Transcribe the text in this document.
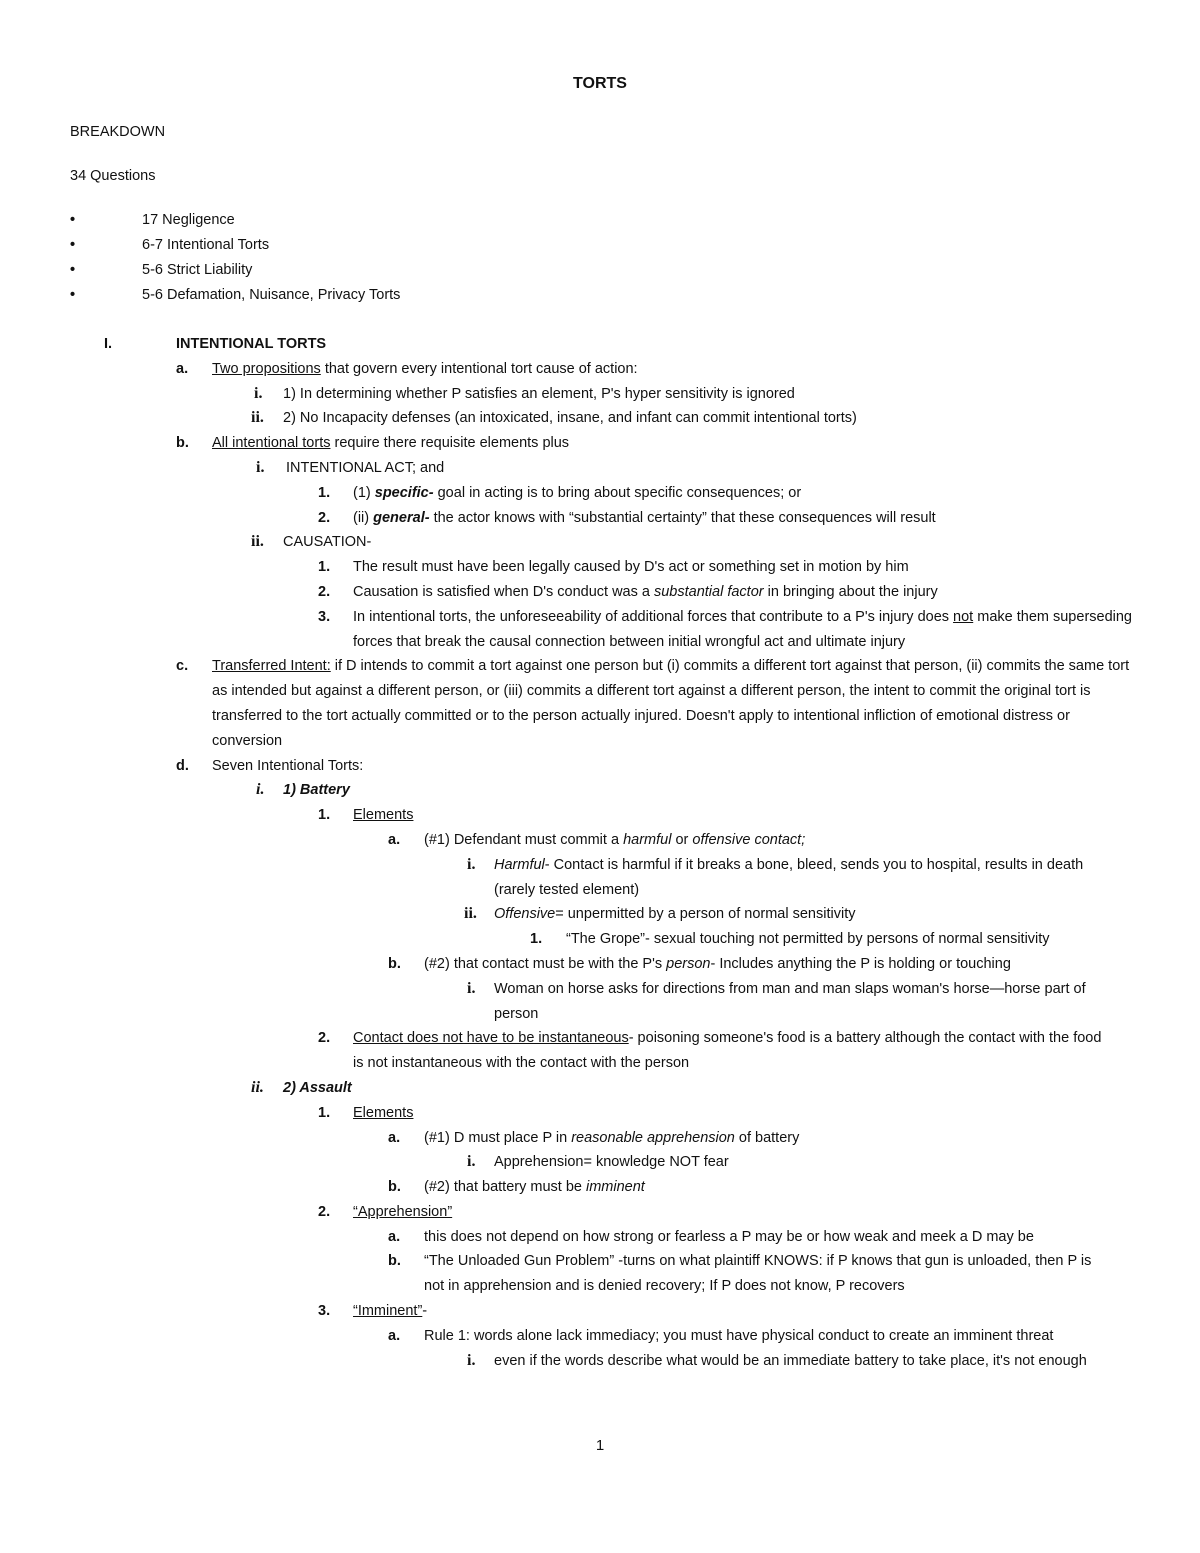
TORTS
BREAKDOWN
34 Questions
•	17 Negligence
•	6-7 Intentional Torts
•	5-6 Strict Liability
•	5-6 Defamation, Nuisance, Privacy Torts
I.	INTENTIONAL TORTS
a. Two propositions that govern every intentional tort cause of action:
i. 1) In determining whether P satisfies an element, P's hyper sensitivity is ignored
ii. 2) No Incapacity defenses (an intoxicated, insane, and infant can commit intentional torts)
b. All intentional torts require there requisite elements plus
i. INTENTIONAL ACT; and
1. (1) specific- goal in acting is to bring about specific consequences; or
2. (ii) general- the actor knows with “substantial certainty” that these consequences will result
ii. CAUSATION-
1. The result must have been legally caused by D's act or something set in motion by him
2. Causation is satisfied when D's conduct was a substantial factor in bringing about the injury
3. In intentional torts, the unforeseeability of additional forces that contribute to a P's injury does not make them superseding forces that break the causal connection between initial wrongful act and ultimate injury
c. Transferred Intent: if D intends to commit a tort against one person but (i) commits a different tort against that person, (ii) commits the same tort as intended but against a different person, or (iii) commits a different tort against a different person, the intent to commit the original tort is transferred to the tort actually committed or to the person actually injured. Doesn't apply to intentional infliction of emotional distress or conversion
d. Seven Intentional Torts:
i. 1) Battery
1. Elements
a. (#1) Defendant must commit a harmful or offensive contact;
i. Harmful- Contact is harmful if it breaks a bone, bleed, sends you to hospital, results in death (rarely tested element)
ii. Offensive= unpermitted by a person of normal sensitivity
1. “The Grope”- sexual touching not permitted by persons of normal sensitivity
b. (#2) that contact must be with the P's person- Includes anything the P is holding or touching
i. Woman on horse asks for directions from man and man slaps woman's horse—horse part of person
2. Contact does not have to be instantaneous- poisoning someone's food is a battery although the contact with the food is not instantaneous with the contact with the person
ii. 2) Assault
1. Elements
a. (#1) D must place P in reasonable apprehension of battery
i. Apprehension= knowledge NOT fear
b. (#2) that battery must be imminent
2. “Apprehension”
a. this does not depend on how strong or fearless a P may be or how weak and meek a D may be
b. “The Unloaded Gun Problem” -turns on what plaintiff KNOWS: if P knows that gun is unloaded, then P is not in apprehension and is denied recovery; If P does not know, P recovers
3. “Imminent”-
a. Rule 1: words alone lack immediacy; you must have physical conduct to create an imminent threat
i. even if the words describe what would be an immediate battery to take place, it's not enough
1
